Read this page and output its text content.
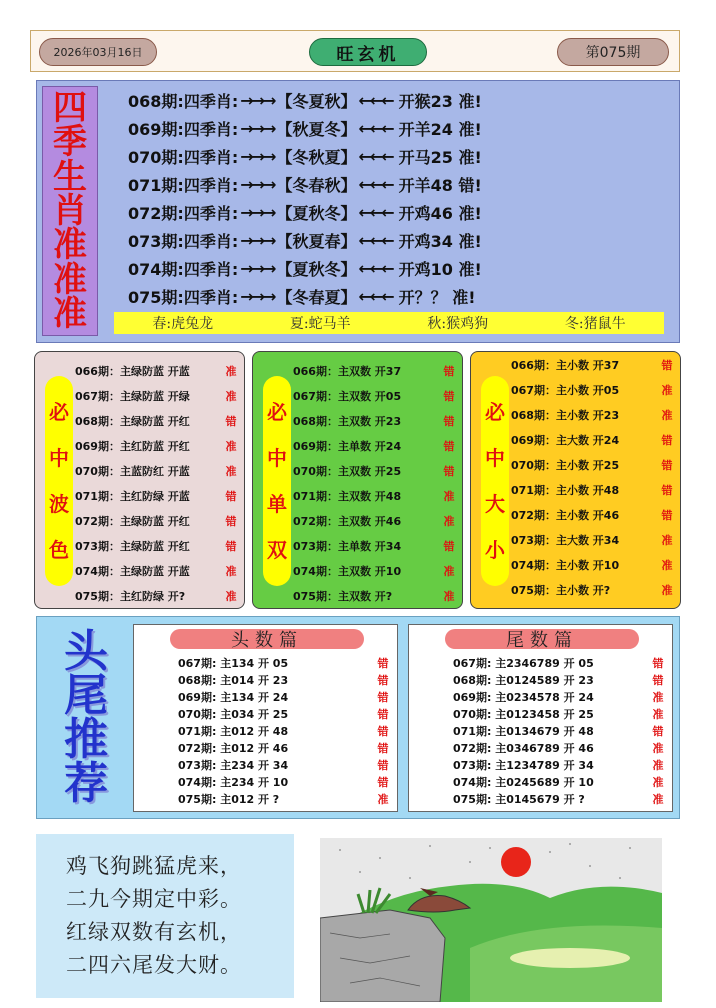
2026年03月16日	旺玄机	第075期
四
季
生
肖
准
准
准
068期: 四季肖: →→→ 【冬夏秋】 ←←← 开猴23 准!
069期: 四季肖: →→→ 【秋夏冬】 ←←← 开羊24 准!
070期: 四季肖: →→→ 【冬秋夏】 ←←← 开马25 准!
071期: 四季肖: →→→ 【冬春秋】 ←←← 开羊48 错!
072期: 四季肖: →→→ 【夏秋冬】 ←←← 开鸡46 准!
073期: 四季肖: →→→ 【秋夏春】 ←←← 开鸡34 准!
074期: 四季肖: →→→ 【夏秋冬】 ←←← 开鸡10 准!
075期: 四季肖: →→→ 【冬春夏】 ←←← 开？？ 准!
春:虎兔龙	夏:蛇马羊	秋:猴鸡狗	冬:猪鼠牛
必
中
波
色
066期：主绿防蓝 开蓝	准
067期：主绿防蓝 开绿	准
068期：主绿防蓝 开红	错
069期：主红防蓝 开红	准
070期：主蓝防红 开蓝	准
071期：主红防绿 开蓝	错
072期：主绿防蓝 开红	错
073期：主绿防蓝 开红	错
074期：主绿防蓝 开蓝	准
075期：主红防绿 开?	准
必
中
单
双
066期：主双数 开37	错
067期：主双数 开05	错
068期：主双数 开23	错
069期：主单数 开24	错
070期：主双数 开25	错
071期：主双数 开48	准
072期：主双数 开46	准
073期：主单数 开34	错
074期：主双数 开10	准
075期：主双数 开?	准
必
中
大
小
066期：主小数 开37	错
067期：主小数 开05	准
068期：主小数 开23	准
069期：主大数 开24	错
070期：主小数 开25	错
071期：主小数 开48	错
072期：主小数 开46	错
073期：主大数 开34	准
074期：主小数 开10	准
075期：主小数 开?	准
头
尾
推
荐
头数篇
067期: 主134 开 05	错
068期: 主014 开 23	错
069期: 主134 开 24	错
070期: 主034 开 25	错
071期: 主012 开 48	错
072期: 主012 开 46	错
073期: 主234 开 34	错
074期: 主234 开 10	错
075期: 主012 开 ?	准
尾数篇
067期: 主2346789 开 05	错
068期: 主0124589 开 23	错
069期: 主0234578 开 24	准
070期: 主0123458 开 25	准
071期: 主0134679 开 48	错
072期: 主0346789 开 46	准
073期: 主1234789 开 34	准
074期: 主0245689 开 10	准
075期: 主0145679 开 ?	准
鸡飞狗跳猛虎来，
二九今期定中彩。
红绿双数有玄机，
二四六尾发大财。
